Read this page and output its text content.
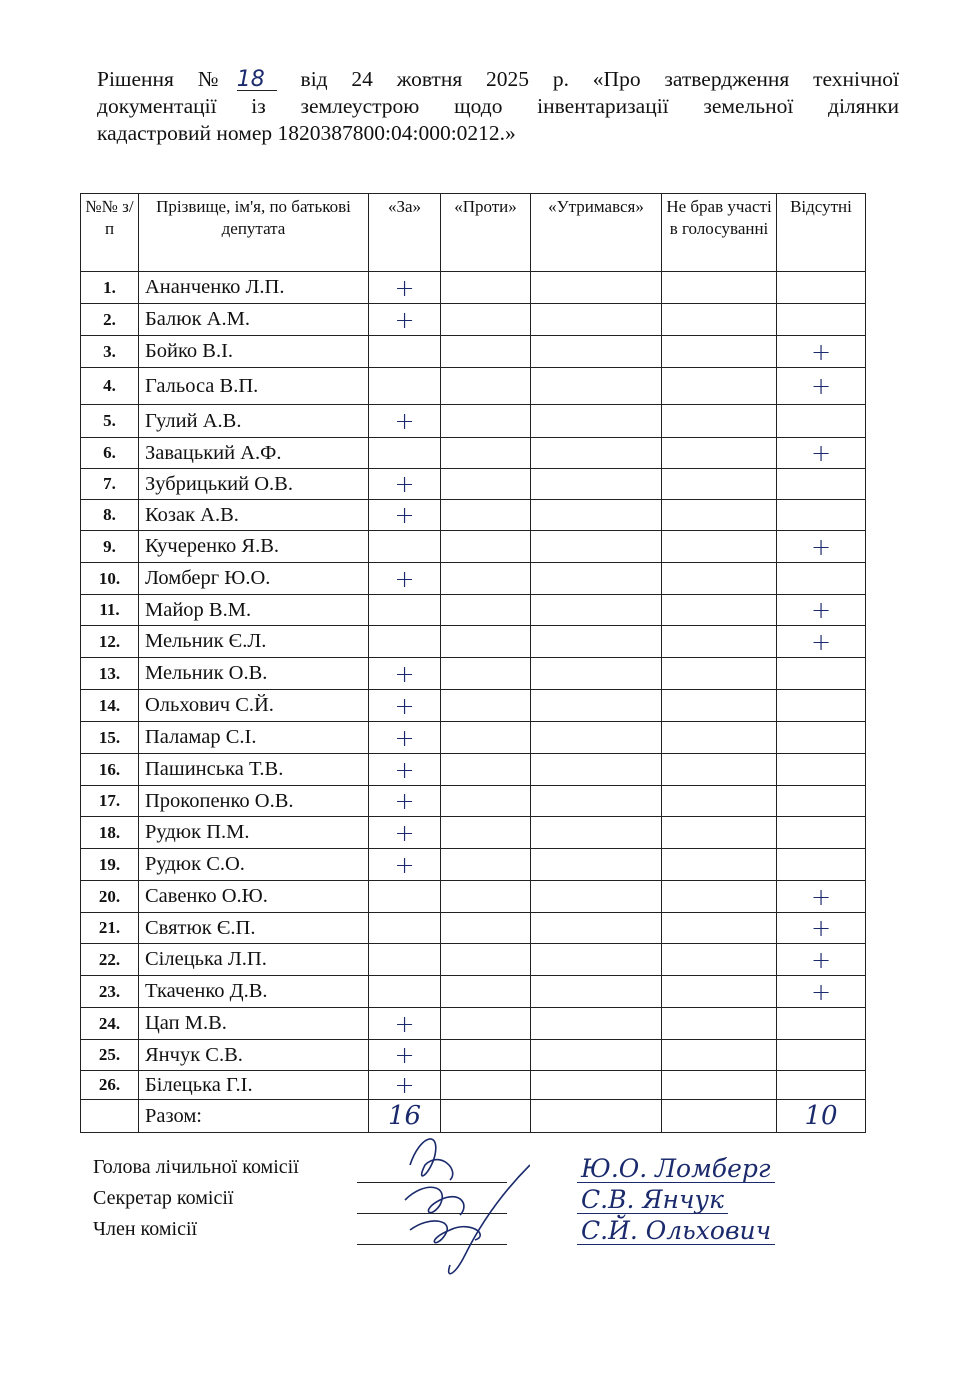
Рішення №18 від 24 жовтня 2025 р. «Про затвердження технічної
документації із землеустрою щодо інвентаризації земельної ділянки
кадастровий номер 1820387800:04:000:0212.»
№№ з/п	Прізвище, ім'я, по батькові депутата	«За»	«Проти»	«Утримався»	Не брав участі в голосуванні	Відсутні
1.	Ананченко Л.П.	+				
2.	Балюк А.М.	+				
3.	Бойко В.І.					+
4.	Гальоса В.П.					+
5.	Гулий А.В.	+				
6.	Завацький А.Ф.					+
7.	Зубрицький О.В.	+				
8.	Козак А.В.	+				
9.	Кучеренко Я.В.					+
10.	Ломберг Ю.О.	+				
11.	Майор В.М.					+
12.	Мельник Є.Л.					+
13.	Мельник О.В.	+				
14.	Ольхович С.Й.	+				
15.	Паламар С.І.	+				
16.	Пашинська Т.В.	+				
17.	Прокопенко О.В.	+				
18.	Рудюк П.М.	+				
19.	Рудюк С.О.	+				
20.	Савенко О.Ю.					+
21.	Святюк Є.П.					+
22.	Сілецька Л.П.					+
23.	Ткаченко Д.В.					+
24.	Цап М.В.	+				
25.	Янчук С.В.	+				
26.	Білецька Г.І.	+				
	Разом:	16				10
Голова лічильної комісії	Ю.О. Ломберг
Секретар комісії	С.В. Янчук
Член комісії	С.Й. Ольхович
